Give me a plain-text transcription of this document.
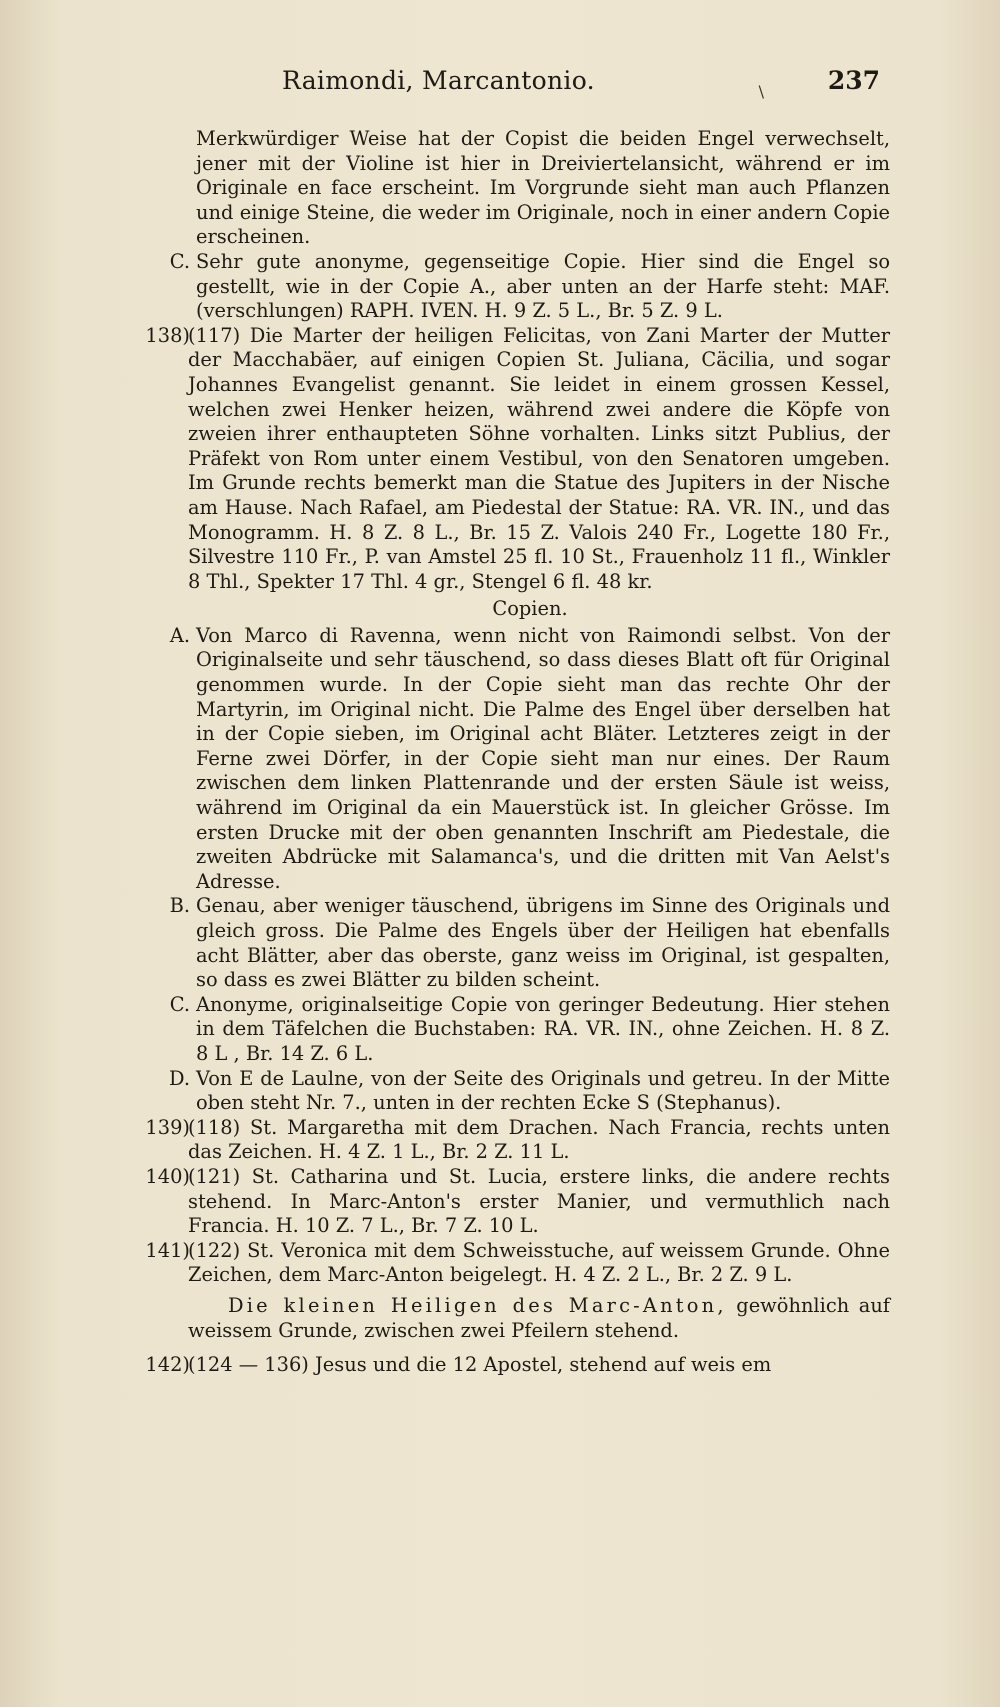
Raimondi, Marcantonio.	\	237
Merkwürdiger Weise hat der Copist die beiden Engel verwechselt, jener mit der Violine ist hier in Dreiviertelansicht, während er im Originale en face erscheint. Im Vorgrunde sieht man auch Pflanzen und einige Steine, die weder im Originale, noch in einer andern Copie erscheinen.
C. Sehr gute anonyme, gegenseitige Copie. Hier sind die Engel so gestellt, wie in der Copie A., aber unten an der Harfe steht: MAF. (verschlungen) RAPH. IVEN. H. 9 Z. 5 L., Br. 5 Z. 9 L.
138)
(117) Die Marter der heiligen Felicitas, von Zani Marter der Mutter der Macchabäer, auf einigen Copien St. Juliana, Cäcilia, und sogar Johannes Evangelist genannt. Sie leidet in einem grossen Kessel, welchen zwei Henker heizen, während zwei andere die Köpfe von zweien ihrer enthaupteten Söhne vorhalten. Links sitzt Publius, der Präfekt von Rom unter einem Vestibul, von den Senatoren umgeben. Im Grunde rechts bemerkt man die Statue des Jupiters in der Nische am Hause. Nach Rafael, am Piedestal der Statue: RA. VR. IN., und das Monogramm. H. 8 Z. 8 L., Br. 15 Z. Valois 240 Fr., Logette 180 Fr., Silvestre 110 Fr., P. van Amstel 25 fl. 10 St., Frauenholz 11 fl., Winkler 8 Thl., Spekter 17 Thl. 4 gr., Stengel 6 fl. 48 kr.
Copien.
A. Von Marco di Ravenna, wenn nicht von Raimondi selbst. Von der Originalseite und sehr täuschend, so dass dieses Blatt oft für Original genommen wurde. In der Copie sieht man das rechte Ohr der Martyrin, im Original nicht. Die Palme des Engel über derselben hat in der Copie sieben, im Original acht Bläter. Letzteres zeigt in der Ferne zwei Dörfer, in der Copie sieht man nur eines. Der Raum zwischen dem linken Plattenrande und der ersten Säule ist weiss, während im Original da ein Mauerstück ist. In gleicher Grösse. Im ersten Drucke mit der oben genannten Inschrift am Piedestale, die zweiten Abdrücke mit Salamanca's, und die dritten mit Van Aelst's Adresse.
B. Genau, aber weniger täuschend, übrigens im Sinne des Originals und gleich gross. Die Palme des Engels über der Heiligen hat ebenfalls acht Blätter, aber das oberste, ganz weiss im Original, ist gespalten, so dass es zwei Blätter zu bilden scheint.
C. Anonyme, originalseitige Copie von geringer Bedeutung. Hier stehen in dem Täfelchen die Buchstaben: RA. VR. IN., ohne Zeichen. H. 8 Z. 8 L , Br. 14 Z. 6 L.
D. Von E de Laulne, von der Seite des Originals und getreu. In der Mitte oben steht Nr. 7., unten in der rechten Ecke S (Stephanus).
139)
(118) St. Margaretha mit dem Drachen. Nach Francia, rechts unten das Zeichen. H. 4 Z. 1 L., Br. 2 Z. 11 L.
140)
(121) St. Catharina und St. Lucia, erstere links, die andere rechts stehend. In Marc-Anton's erster Manier, und vermuthlich nach Francia. H. 10 Z. 7 L., Br. 7 Z. 10 L.
141)
(122) St. Veronica mit dem Schweisstuche, auf weissem Grunde. Ohne Zeichen, dem Marc-Anton beigelegt. H. 4 Z. 2 L., Br. 2 Z. 9 L.
Die kleinen Heiligen des Marc-Anton, gewöhnlich auf weissem Grunde, zwischen zwei Pfeilern stehend.
142)
(124 — 136) Jesus und die 12 Apostel, stehend auf weis em
